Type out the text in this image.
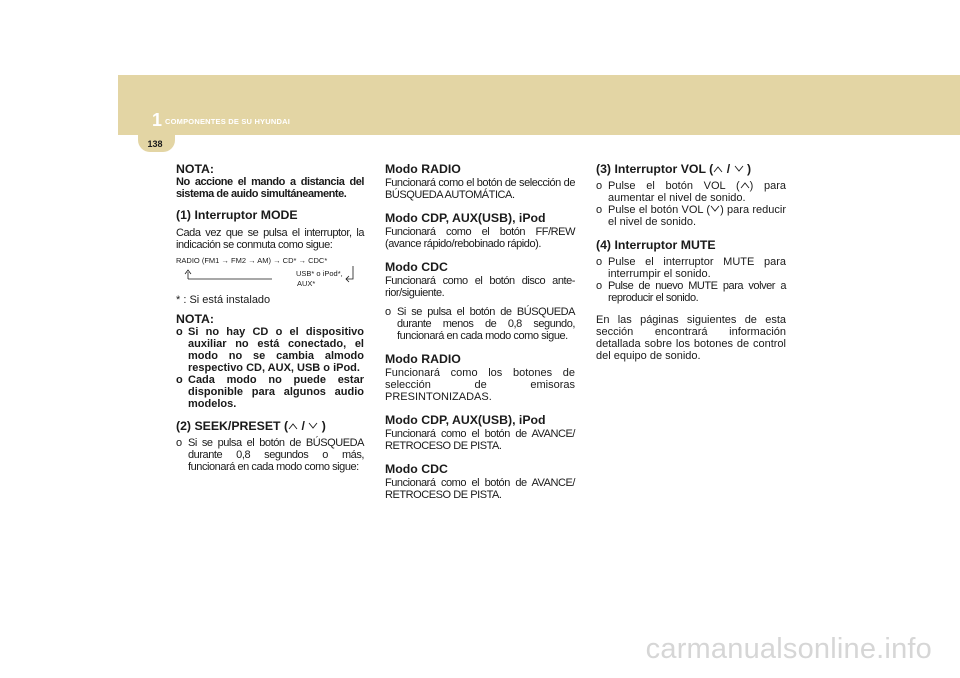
1 COMPONENTES DE SU HYUNDAI
138

NOTA:

No accione el mando a distancia del sistema de auido simultáneamente.

(1) Interruptor MODE

Cada vez que se pulsa el interruptor, la indicación se conmuta como sigue:

RADIO (FM1 → FM2 → AM) → CD* → CDC*
USB* o iPod*,
AUX*

* : Si está instalado

NOTA:

o Si no hay CD o el dispositivo auxiliar no está conectado, el modo no se cambia almodo respectivo CD, AUX, USB o iPod.
o Cada modo no puede estar disponible para algunos audio modelos.

(2) SEEK/PRESET (
/
)

o Si se pulsa el botón de BÚSQUEDA durante 0,8 segundos o más, funcionará en cada modo como sigue:

Modo RADIO

Funcionará como el botón de selección de BÚSQUEDA AUTOMÁTICA.

Modo CDP, AUX(USB), iPod

Funcionará como el botón FF/REW (avance rápido/rebobinado rápido).

Modo CDC

Funcionará como el botón disco ante-rior/siguiente.

o Si se pulsa el botón de BÚSQUEDA durante menos de 0,8 segundo, funcionará en cada modo como sigue.

Modo RADIO

Funcionará como los botones de selección de emisoras PRESINTONIZADAS.

Modo CDP, AUX(USB), iPod

Funcionará como el botón de AVANCE/ RETROCESO DE PISTA.

Modo CDC

Funcionará como el botón de AVANCE/ RETROCESO DE PISTA.

(3) Interruptor VOL (
/
)

o Pulse el botón VOL ( ) para aumentar el nivel de sonido.
o Pulse el botón VOL ( ) para reducir el nivel de sonido.

(4) Interruptor MUTE

o Pulse el interruptor MUTE para interrumpir el sonido.
o Pulse de nuevo MUTE para volver a reproducir el sonido.

En las páginas siguientes de esta sección encontrará información detallada sobre los botones de control del equipo de sonido.

carmanualsonline.info
